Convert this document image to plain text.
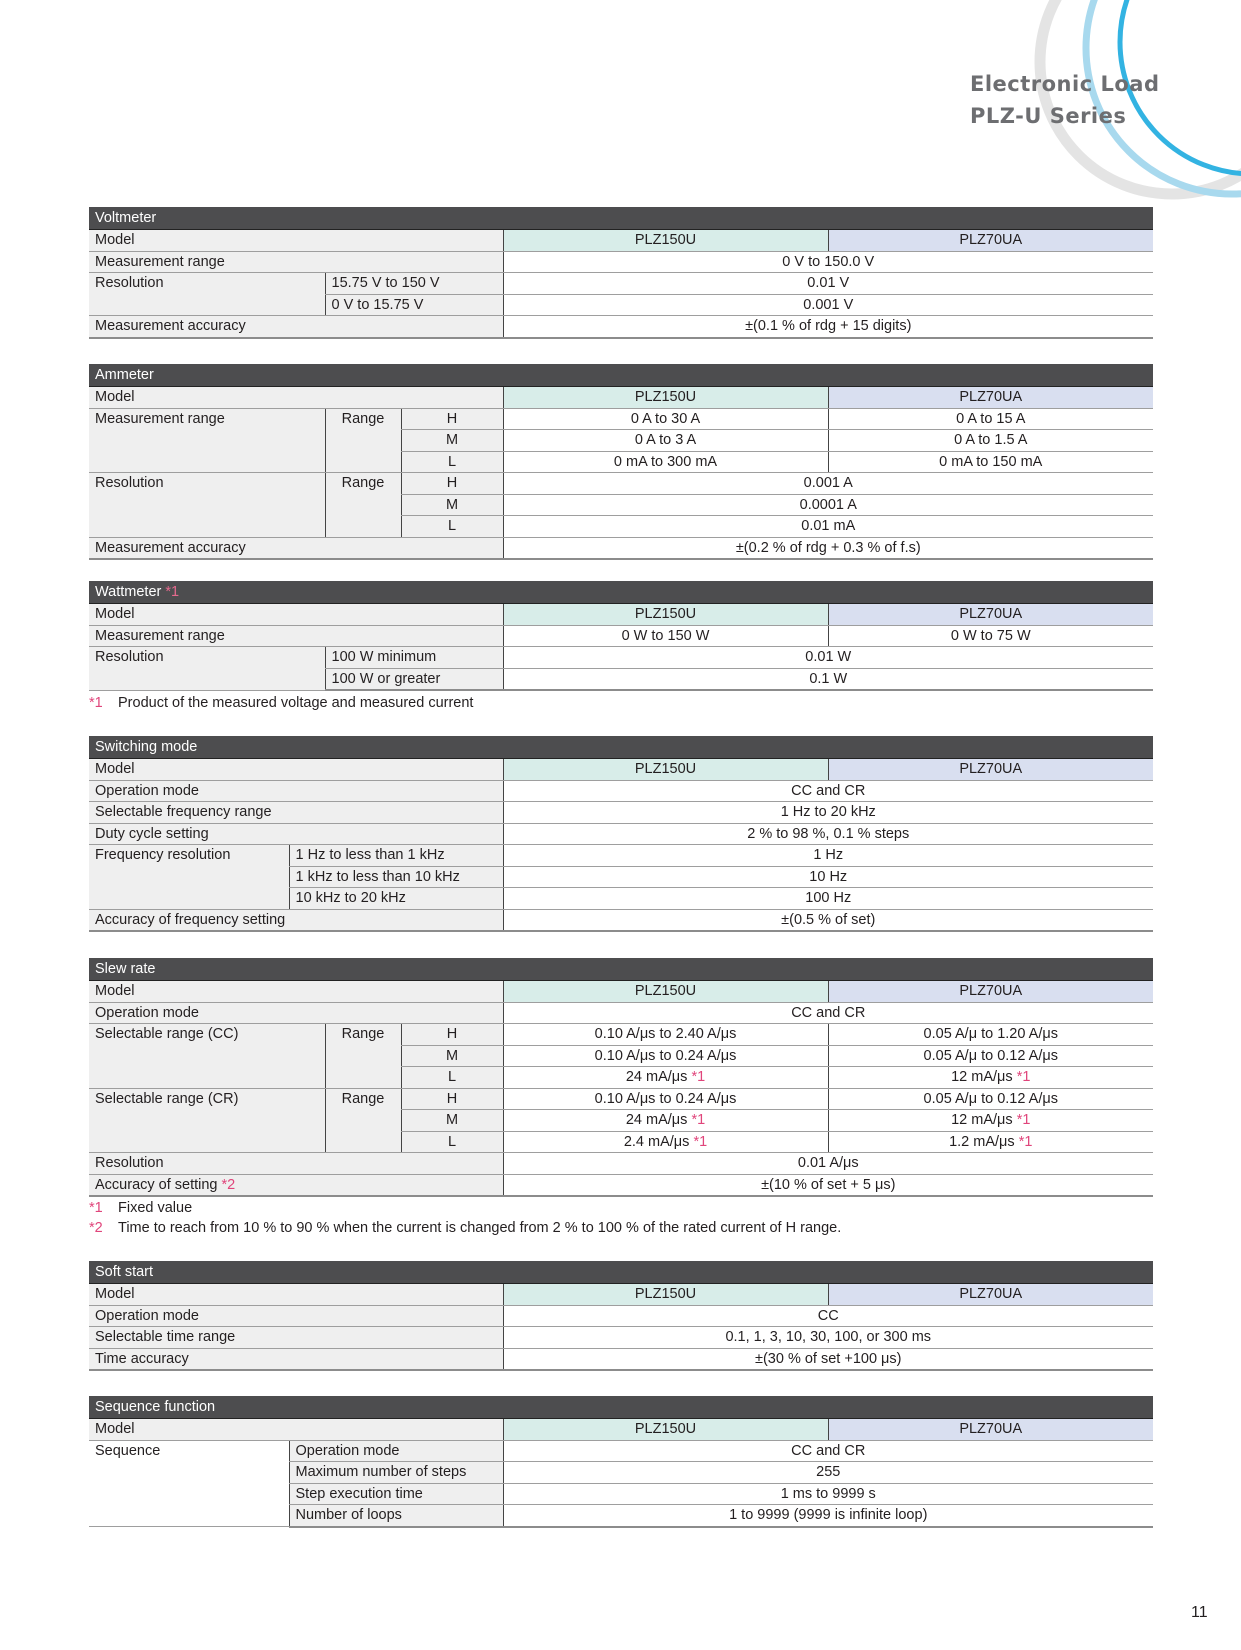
Electronic Load
PLZ-U Series
Voltmeter
Model		PLZ150U	PLZ70UA
Measurement range		0 V to 150.0 V	
Resolution	15.75 V to 150 V	0.01 V	
	0 V to 15.75 V	0.001 V	
Measurement accuracy		±(0.1 % of rdg + 15 digits)	
Ammeter
Model			PLZ150U	PLZ70UA
Measurement range	Range	H	0 A to 30 A	0 A to 15 A
		M	0 A to 3 A	0 A to 1.5 A
		L	0 mA to 300 mA	0 mA to 150 mA
Resolution	Range	H	0.001 A	
		M	0.0001 A	
		L	0.01 mA	
Measurement accuracy			±(0.2 % of rdg + 0.3 % of f.s)	
Wattmeter *1
Model		PLZ150U	PLZ70UA
Measurement range		0 W to 150 W	0 W to 75 W
Resolution	100 W minimum	0.01 W	
	100 W or greater	0.1 W	
*1 Product of the measured voltage and measured current
Switching mode
Model		PLZ150U	PLZ70UA
Operation mode		CC and CR	
Selectable frequency range		1 Hz to 20 kHz	
Duty cycle setting		2 % to 98 %, 0.1 % steps	
Frequency resolution	1 Hz to less than 1 kHz	1 Hz	
	1 kHz to less than 10 kHz	10 Hz	
	10 kHz to 20 kHz	100 Hz	
Accuracy of frequency setting		±(0.5 % of set)	
Slew rate
Model			PLZ150U	PLZ70UA
Operation mode			CC and CR	
Selectable range (CC)	Range	H	0.10 A/μs to 2.40 A/μs	0.05 A/μ to 1.20 A/μs
		M	0.10 A/μs to 0.24 A/μs	0.05 A/μ to 0.12 A/μs
		L	24 mA/μs *1	12 mA/μs *1
Selectable range (CR)	Range	H	0.10 A/μs to 0.24 A/μs	0.05 A/μ to 0.12 A/μs
		M	24 mA/μs *1	12 mA/μs *1
		L	2.4 mA/μs *1	1.2 mA/μs *1
Resolution			0.01 A/μs	
Accuracy of setting *2			±(10 % of set + 5 μs)	
*1 Fixed value
*2 Time to reach from 10 % to 90 % when the current is changed from 2 % to 100 % of the rated current of H range.
Soft start
Model	PLZ150U	PLZ70UA
Operation mode	CC	
Selectable time range	0.1, 1, 3, 10, 30, 100, or 300 ms	
Time accuracy	±(30 % of set +100 μs)	
Sequence function
Model		PLZ150U	PLZ70UA
Sequence	Operation mode	CC and CR	
	Maximum number of steps	255	
	Step execution time	1 ms to 9999 s	
	Number of loops	1 to 9999 (9999 is infinite loop)	
11
